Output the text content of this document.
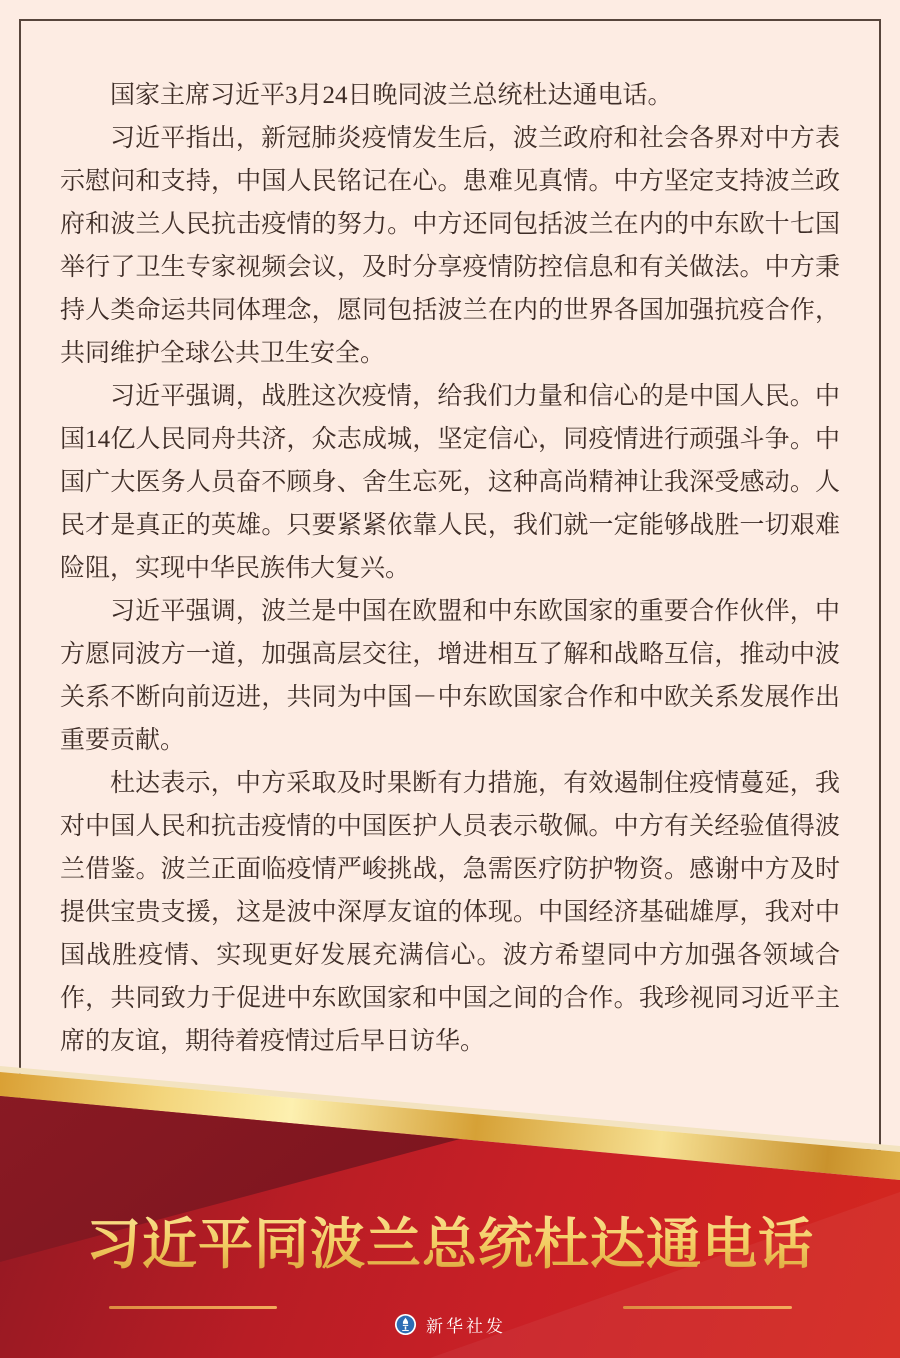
国家主席习近平3月24日晚同波兰总统杜达通电话。

习近平指出，新冠肺炎疫情发生后，波兰政府和社会各界对中方表示慰问和支持，中国人民铭记在心。患难见真情。中方坚定支持波兰政府和波兰人民抗击疫情的努力。中方还同包括波兰在内的中东欧十七国举行了卫生专家视频会议，及时分享疫情防控信息和有关做法。中方秉持人类命运共同体理念，愿同包括波兰在内的世界各国加强抗疫合作，共同维护全球公共卫生安全。

习近平强调，战胜这次疫情，给我们力量和信心的是中国人民。中国14亿人民同舟共济，众志成城，坚定信心，同疫情进行顽强斗争。中国广大医务人员奋不顾身、舍生忘死，这种高尚精神让我深受感动。人民才是真正的英雄。只要紧紧依靠人民，我们就一定能够战胜一切艰难险阻，实现中华民族伟大复兴。

习近平强调，波兰是中国在欧盟和中东欧国家的重要合作伙伴，中方愿同波方一道，加强高层交往，增进相互了解和战略互信，推动中波关系不断向前迈进，共同为中国－中东欧国家合作和中欧关系发展作出重要贡献。

杜达表示，中方采取及时果断有力措施，有效遏制住疫情蔓延，我对中国人民和抗击疫情的中国医护人员表示敬佩。中方有关经验值得波兰借鉴。波兰正面临疫情严峻挑战，急需医疗防护物资。感谢中方及时提供宝贵支援，这是波中深厚友谊的体现。中国经济基础雄厚，我对中国战胜疫情、实现更好发展充满信心。波方希望同中方加强各领域合作，共同致力于促进中东欧国家和中国之间的合作。我珍视同习近平主席的友谊，期待着疫情过后早日访华。

习近平同波兰总统杜达通电话
新华社发
